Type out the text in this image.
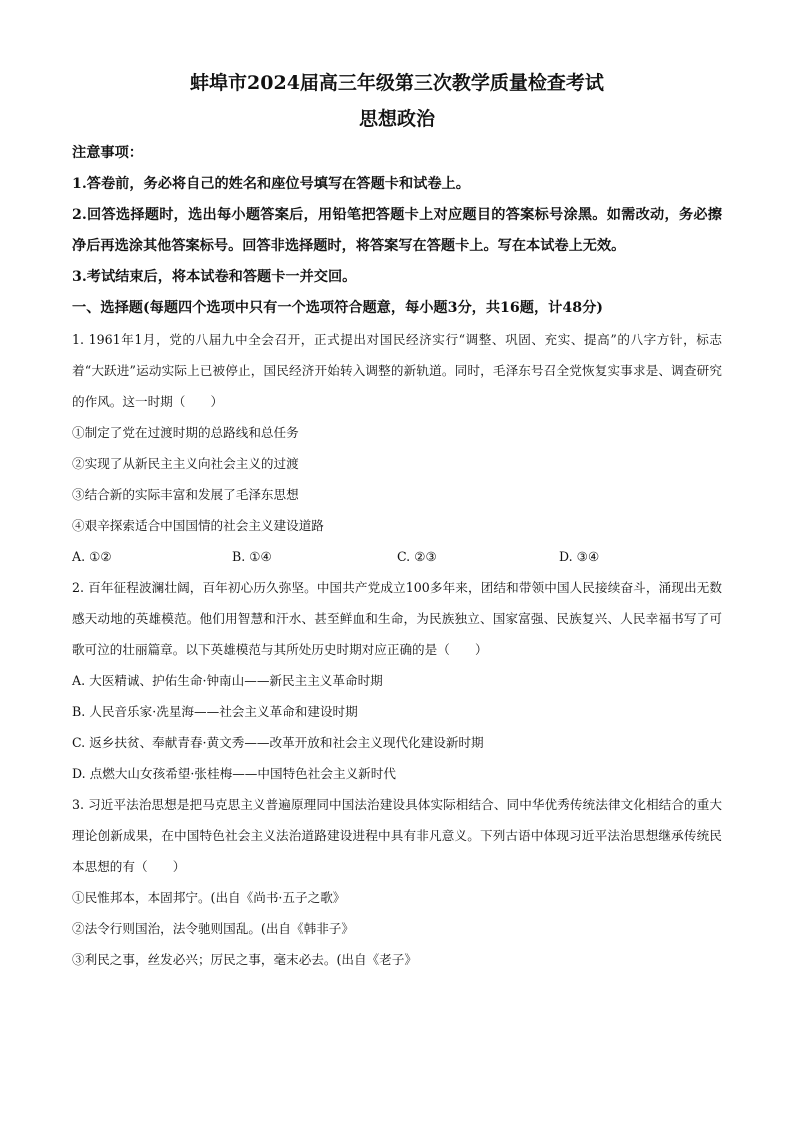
蚌埠市2024届高三年级第三次教学质量检查考试
思想政治

注意事项：

1.答卷前，务必将自己的姓名和座位号填写在答题卡和试卷上。

2.回答选择题时，选出每小题答案后，用铅笔把答题卡上对应题目的答案标号涂黑。如需改动，务必擦净后再选涂其他答案标号。回答非选择题时，将答案写在答题卡上。写在本试卷上无效。

3.考试结束后，将本试卷和答题卡一并交回。

一、选择题(每题四个选项中只有一个选项符合题意，每小题3分，共16题，计48分)

1. 1961年1月，党的八届九中全会召开，正式提出对国民经济实行“调整、巩固、充实、提高”的八字方针，标志着“大跃进”运动实际上已被停止，国民经济开始转入调整的新轨道。同时，毛泽东号召全党恢复实事求是、调查研究的作风。这一时期（　　）

①制定了党在过渡时期的总路线和总任务

②实现了从新民主主义向社会主义的过渡

③结合新的实际丰富和发展了毛泽东思想

④艰辛探索适合中国国情的社会主义建设道路

A. ①②	B. ①④	C. ②③	D. ③④

2. 百年征程波澜壮阔，百年初心历久弥坚。中国共产党成立100多年来，团结和带领中国人民接续奋斗，涌现出无数感天动地的英雄模范。他们用智慧和汗水、甚至鲜血和生命，为民族独立、国家富强、民族复兴、人民幸福书写了可歌可泣的壮丽篇章。以下英雄模范与其所处历史时期对应正确的是（　　）

A. 大医精诚、护佑生命·钟南山——新民主主义革命时期

B. 人民音乐家·冼星海——社会主义革命和建设时期

C. 返乡扶贫、奉献青春·黄文秀——改革开放和社会主义现代化建设新时期

D. 点燃大山女孩希望·张桂梅——中国特色社会主义新时代

3. 习近平法治思想是把马克思主义普遍原理同中国法治建设具体实际相结合、同中华优秀传统法律文化相结合的重大理论创新成果，在中国特色社会主义法治道路建设进程中具有非凡意义。下列古语中体现习近平法治思想继承传统民本思想的有（　　）

①民惟邦本，本固邦宁。(出自《尚书·五子之歌》

②法令行则国治，法令驰则国乱。(出自《韩非子》

③利民之事，丝发必兴；厉民之事，毫末必去。(出自《老子》
